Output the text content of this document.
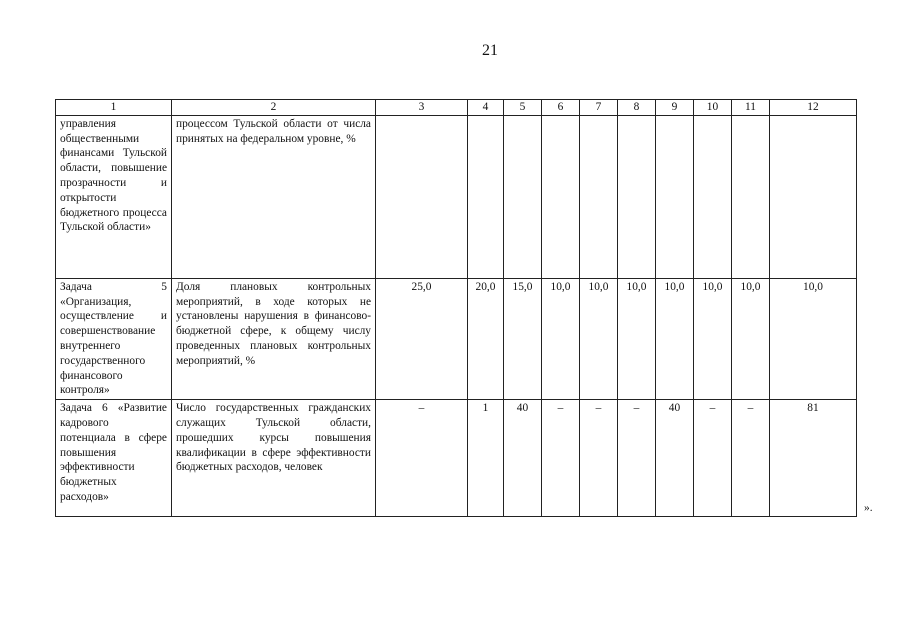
21
1	2	3	4	5	6	7	8	9	10	11	12
управления общественными финансами Тульской области, повышение прозрачности и открытости бюджетного процесса Тульской области»	процессом Тульской области от числа принятых на федеральном уровне, %										
Задача 5 «Организация, осуществление и совершенствование внутреннего государственного финансового контроля»	Доля плановых контрольных мероприятий, в ходе которых не установлены нарушения в финансово-бюджетной сфере, к общему числу проведенных плановых контрольных мероприятий, %	25,0	20,0	15,0	10,0	10,0	10,0	10,0	10,0	10,0	10,0
Задача 6 «Развитие кадрового потенциала в сфере повышения эффективности бюджетных расходов»	Число государственных гражданских служащих Тульской области, прошедших курсы повышения квалификации в сфере эффективности бюджетных расходов, человек	–	1	40	–	–	–	40	–	–	81
».
